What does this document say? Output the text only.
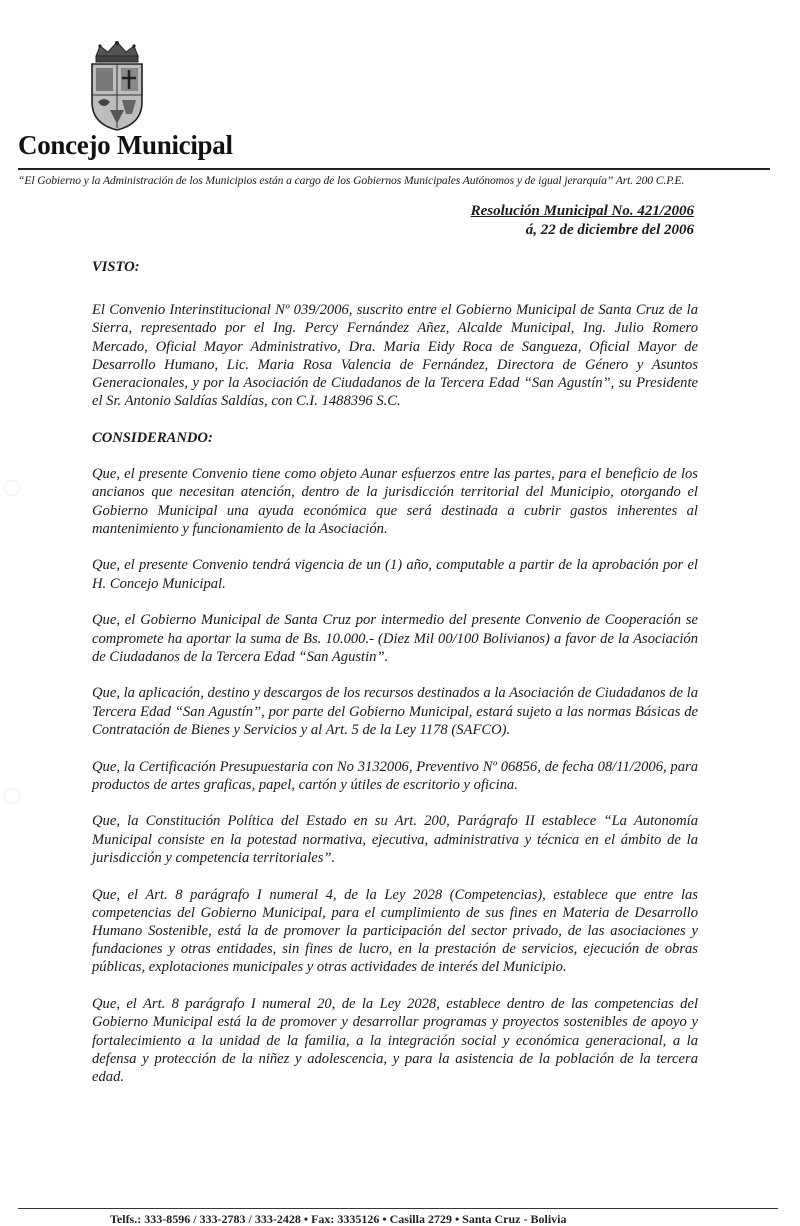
Concejo Municipal
“El Gobierno y la Administración de los Municipios están a cargo de los Gobiernos Municipales Autónomos y de igual jerarquía” Art. 200 C.P.E.
Resolución Municipal No. 421/2006
á, 22 de diciembre del 2006
VISTO:

El Convenio Interinstitucional Nº 039/2006, suscrito entre el Gobierno Municipal de Santa Cruz de la Sierra, representado por el Ing. Percy Fernández Añez, Alcalde Municipal, Ing. Julio Romero Mercado, Oficial Mayor Administrativo, Dra. Maria Eidy Roca de Sangueza, Oficial Mayor de Desarrollo Humano, Lic. Maria Rosa Valencia de Fernández, Directora de Género y Asuntos Generacionales, y por la Asociación de Ciudadanos de la Tercera Edad “San Agustín”, su Presidente el Sr. Antonio Saldías Saldías, con C.I. 1488396 S.C.

CONSIDERANDO:

Que, el presente Convenio tiene como objeto Aunar esfuerzos entre las partes, para el beneficio de los ancianos que necesitan atención, dentro de la jurisdicción territorial del Municipio, otorgando el Gobierno Municipal una ayuda económica que será destinada a cubrir gastos inherentes al mantenimiento y funcionamiento de la Asociación.

Que, el presente Convenio tendrá vigencia de un (1) año, computable a partir de la aprobación por el H. Concejo Municipal.

Que, el Gobierno Municipal de Santa Cruz por intermedio del presente Convenio de Cooperación se compromete ha aportar la suma de Bs. 10.000.- (Diez Mil 00/100 Bolivianos) a favor de la Asociación de Ciudadanos de la Tercera Edad “San Agustin”.

Que, la aplicación, destino y descargos de los recursos destinados a la Asociación de Ciudadanos de la Tercera Edad “San Agustín”, por parte del Gobierno Municipal, estará sujeto a las normas Básicas de Contratación de Bienes y Servicios y al Art. 5 de la Ley 1178 (SAFCO).

Que, la Certificación Presupuestaria con No 3132006, Preventivo Nº 06856, de fecha 08/11/2006, para productos de artes graficas, papel, cartón y útiles de escritorio y oficina.

Que, la Constitución Política del Estado en su Art. 200, Parágrafo II establece “La Autonomía Municipal consiste en la potestad normativa, ejecutiva, administrativa y técnica en el ámbito de la jurisdicción y competencia territoriales”.

Que, el Art. 8 parágrafo I numeral 4, de la Ley 2028 (Competencias), establece que entre las competencias del Gobierno Municipal, para el cumplimiento de sus fines en Materia de Desarrollo Humano Sostenible, está la de promover la participación del sector privado, de las asociaciones y fundaciones y otras entidades, sin fines de lucro, en la prestación de servicios, ejecución de obras públicas, explotaciones municipales y otras actividades de interés del Municipio.

Que, el Art. 8 parágrafo I numeral 20, de la Ley 2028, establece dentro de las competencias del Gobierno Municipal está la de promover y desarrollar programas y proyectos sostenibles de apoyo y fortalecimiento a la unidad de la familia, a la integración social y económica generacional, a la defensa y protección de la niñez y adolescencia, y para la asistencia de la población de la tercera edad.

Telfs.: 333-8596 / 333-2783 / 333-2428 • Fax: 3335126 • Casilla 2729 • Santa Cruz - Bolivia
